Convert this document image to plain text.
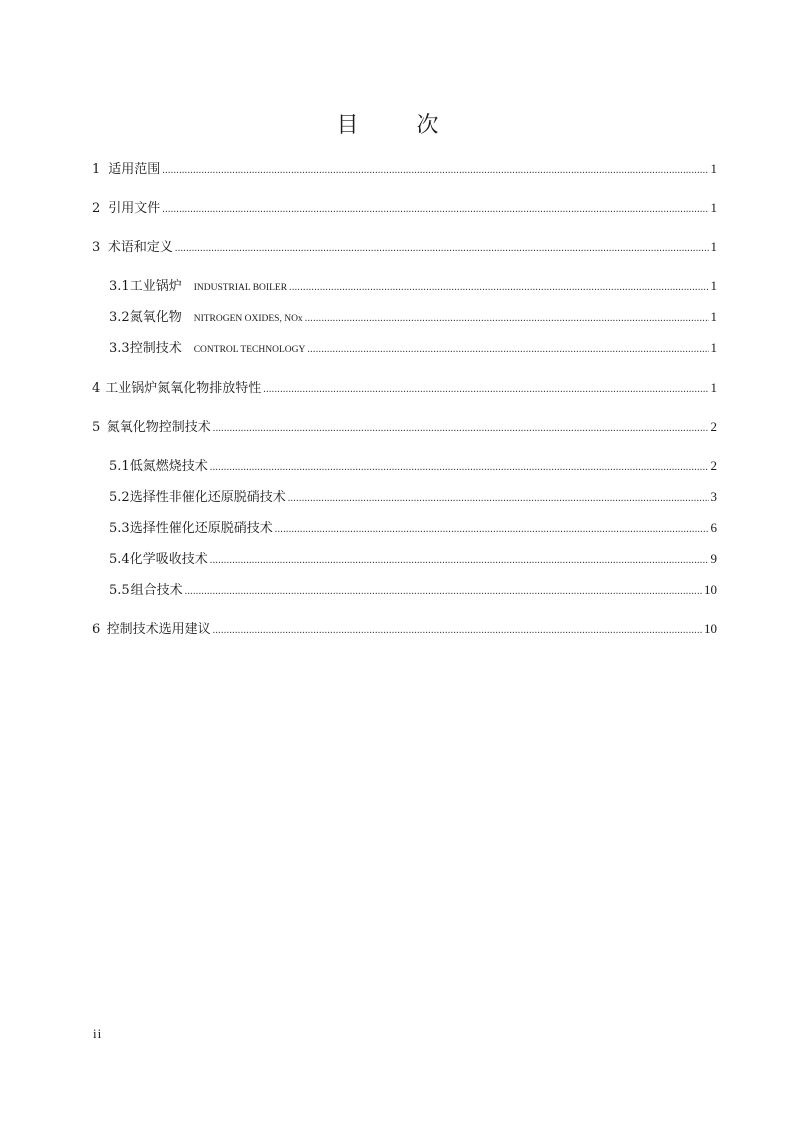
目　次
1 适用范围 .....	1
2 引用文件 .....	1
3 术语和定义 .....	1
3.1 工业锅炉 INDUSTRIAL BOILER .....	1
3.2 氮氧化物 NITROGEN OXIDES, NOx .....	1
3.3 控制技术 CONTROL TECHNOLOGY .....	1
4 工业锅炉氮氧化物排放特性 .....	1
5 氮氧化物控制技术 .....	2
5.1 低氮燃烧技术 .....	2
5.2 选择性非催化还原脱硝技术 .....	3
5.3 选择性催化还原脱硝技术 .....	6
5.4 化学吸收技术 .....	9
5.5 组合技术 .....	10
6 控制技术选用建议 .....	10
ii
